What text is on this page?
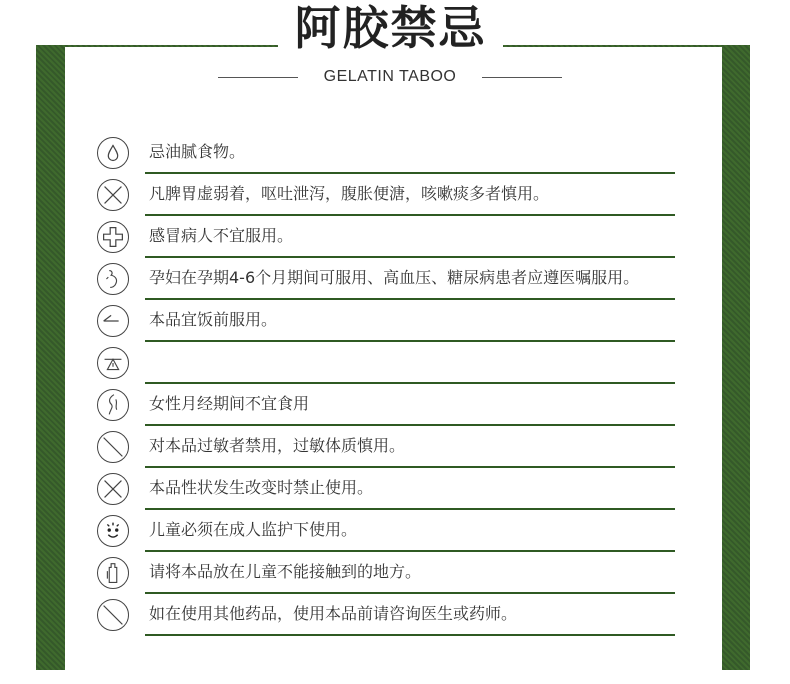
阿胶禁忌
GELATIN TABOO
忌油腻食物。
凡脾胃虚弱着，呕吐泄泻，腹胀便溏，咳嗽痰多者慎用。
感冒病人不宜服用。
孕妇在孕期4-6个月期间可服用、高血压、糖尿病患者应遵医嘱服用。
本品宜饭前服用。
女性月经期间不宜食用
对本品过敏者禁用，过敏体质慎用。
本品性状发生改变时禁止使用。
儿童必须在成人监护下使用。
请将本品放在儿童不能接触到的地方。
如在使用其他药品，使用本品前请咨询医生或药师。
